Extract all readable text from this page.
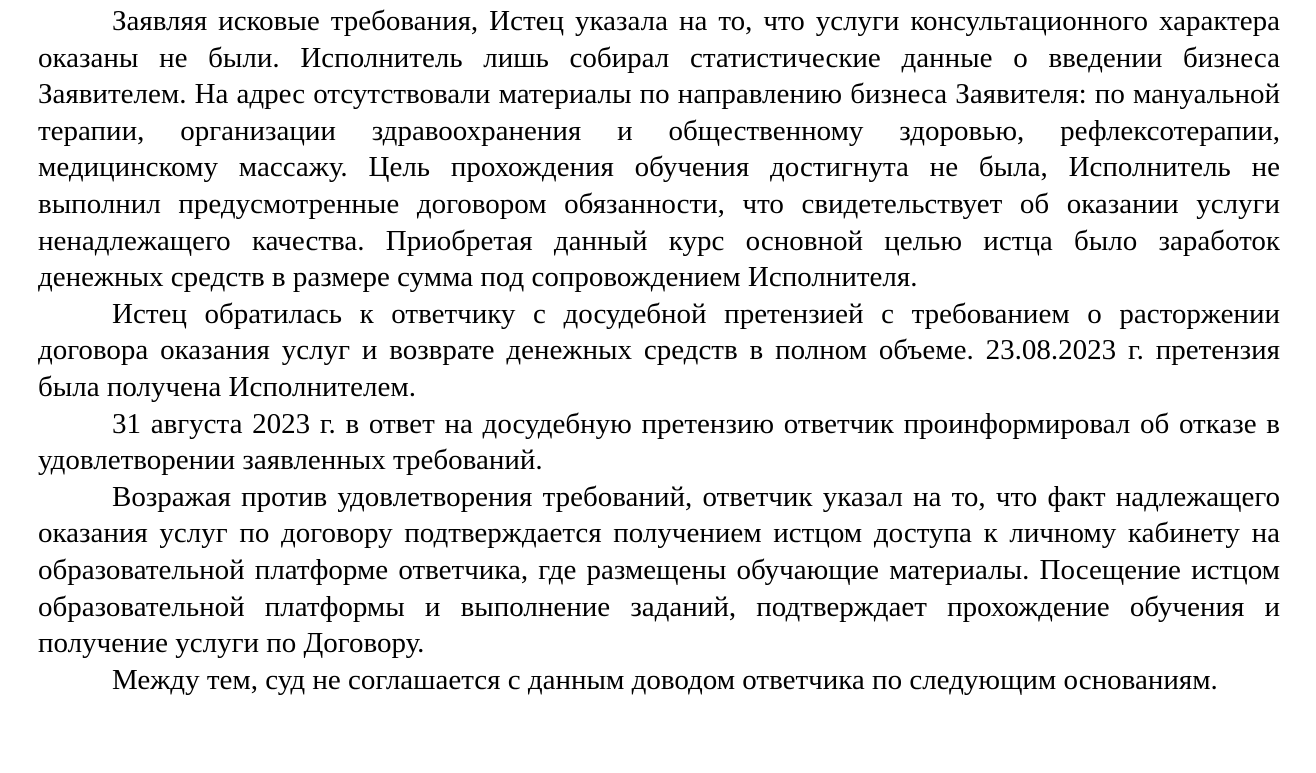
Заявляя исковые требования, Истец указала на то, что услуги консультационного характера оказаны не были. Исполнитель лишь собирал статистические данные о введении бизнеса Заявителем. На адрес отсутствовали материалы по направлению бизнеса Заявителя: по мануальной терапии, организации здравоохранения и общественному здоровью, рефлексотерапии, медицинскому массажу. Цель прохождения обучения достигнута не была, Исполнитель не выполнил предусмотренные договором обязанности, что свидетельствует об оказании услуги ненадлежащего качества. Приобретая данный курс основной целью истца было заработок денежных средств в размере сумма под сопровождением Исполнителя.

Истец обратилась к ответчику с досудебной претензией с требованием о расторжении договора оказания услуг и возврате денежных средств в полном объеме. 23.08.2023 г. претензия была получена Исполнителем.

31 августа 2023 г. в ответ на досудебную претензию ответчик проинформировал об отказе в удовлетворении заявленных требований.

Возражая против удовлетворения требований, ответчик указал на то, что факт надлежащего оказания услуг по договору подтверждается получением истцом доступа к личному кабинету на образовательной платформе ответчика, где размещены обучающие материалы. Посещение истцом образовательной платформы и выполнение заданий, подтверждает прохождение обучения и получение услуги по Договору.

Между тем, суд не соглашается с данным доводом ответчика по следующим основаниям.
